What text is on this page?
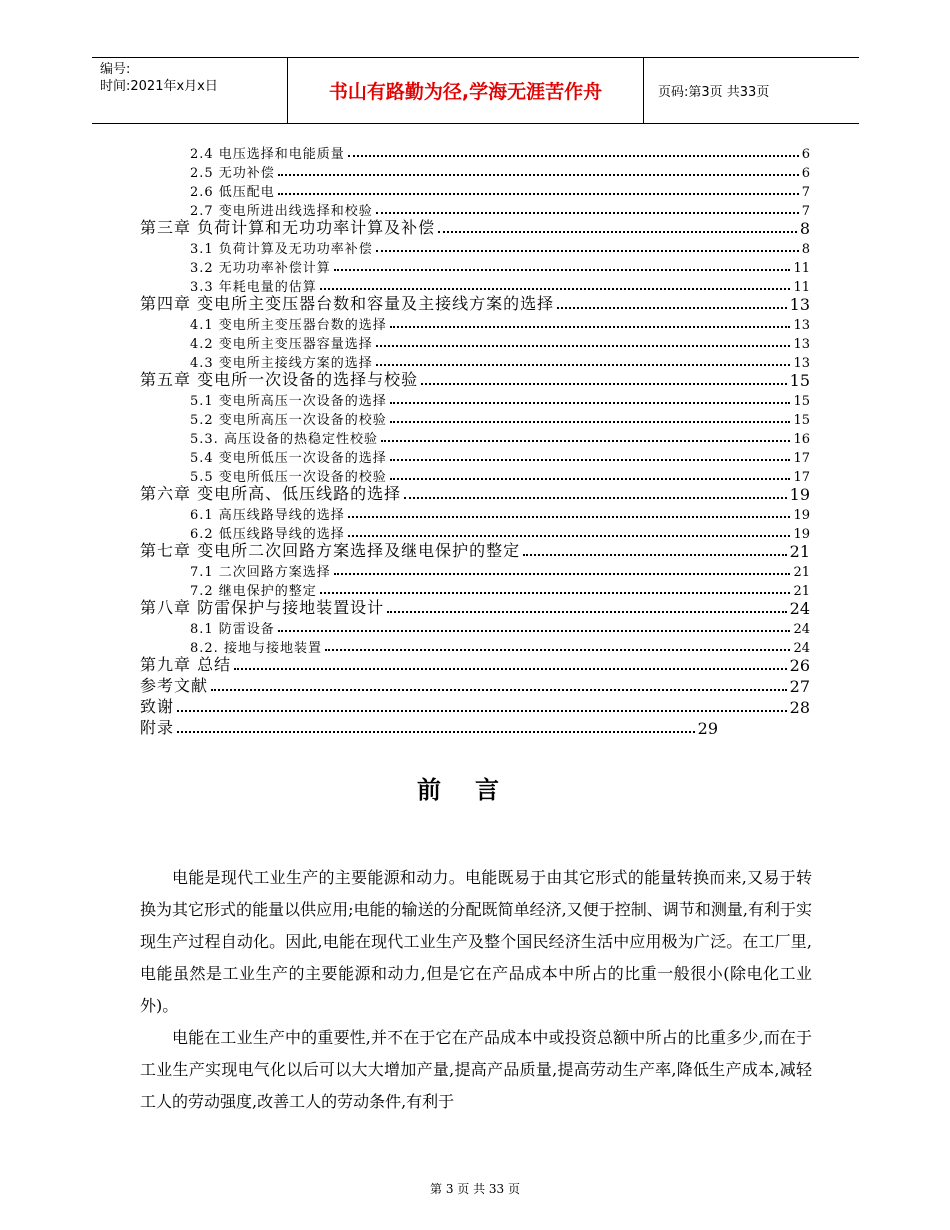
编号:
时间:2021年x月x日	书山有路勤为径,学海无涯苦作舟	页码:第3页 共33页
2.4 电压选择和电能质量	6
2.5 无功补偿	6
2.6 低压配电	7
2.7 变电所进出线选择和校验	7
第三章 负荷计算和无功功率计算及补偿	8
3.1 负荷计算及无功功率补偿	8
3.2 无功功率补偿计算	11
3.3 年耗电量的估算	11
第四章 变电所主变压器台数和容量及主接线方案的选择	13
4.1 变电所主变压器台数的选择	13
4.2 变电所主变压器容量选择	13
4.3 变电所主接线方案的选择	13
第五章 变电所一次设备的选择与校验	15
5.1 变电所高压一次设备的选择	15
5.2 变电所高压一次设备的校验	15
5.3. 高压设备的热稳定性校验	16
5.4 变电所低压一次设备的选择	17
5.5 变电所低压一次设备的校验	17
第六章 变电所高、低压线路的选择	19
6.1 高压线路导线的选择	19
6.2 低压线路导线的选择	19
第七章 变电所二次回路方案选择及继电保护的整定	21
7.1 二次回路方案选择	21
7.2 继电保护的整定	21
第八章 防雷保护与接地装置设计	24
8.1 防雷设备	24
8.2. 接地与接地装置	24
第九章 总结	26
参考文献	27
致谢	28
附录	29
前言
电能是现代工业生产的主要能源和动力。电能既易于由其它形式的能量转换而来,又易于转换为其它形式的能量以供应用;电能的输送的分配既简单经济,又便于控制、调节和测量,有利于实现生产过程自动化。因此,电能在现代工业生产及整个国民经济生活中应用极为广泛。在工厂里,电能虽然是工业生产的主要能源和动力,但是它在产品成本中所占的比重一般很小(除电化工业外)。
电能在工业生产中的重要性,并不在于它在产品成本中或投资总额中所占的比重多少,而在于工业生产实现电气化以后可以大大增加产量,提高产品质量,提高劳动生产率,降低生产成本,减轻工人的劳动强度,改善工人的劳动条件,有利于
第 3 页 共 33 页
